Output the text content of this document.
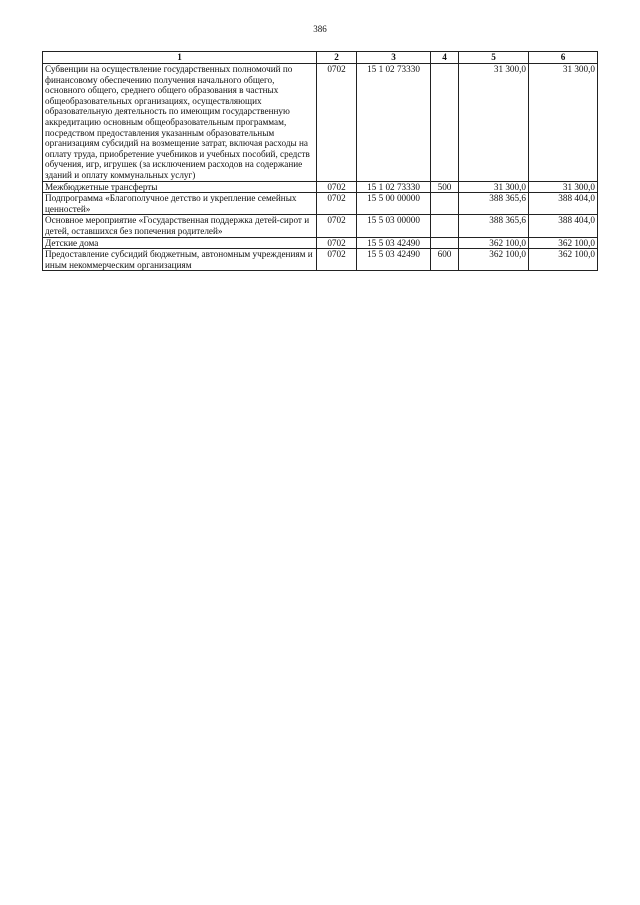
386
1	2	3	4	5	6
Субвенции на осуществление государственных полномочий по финансовому обеспечению получения начального общего, основного общего, среднего общего образования в частных общеобразовательных организациях, осуществляющих образовательную деятельность по имеющим государственную аккредитацию основным общеобразовательным программам, посредством предоставления указанным образовательным организациям субсидий на возмещение затрат, включая расходы на оплату труда, приобретение учебников и учебных пособий, средств обучения, игр, игрушек (за исключением расходов на содержание зданий и оплату коммунальных услуг)	0702	15 1 02 73330		31 300,0	31 300,0
Межбюджетные трансферты	0702	15 1 02 73330	500	31 300,0	31 300,0
Подпрограмма «Благополучное детство и укрепление семейных ценностей»	0702	15 5 00 00000		388 365,6	388 404,0
Основное мероприятие «Государственная поддержка детей-сирот и детей, оставшихся без попечения родителей»	0702	15 5 03 00000		388 365,6	388 404,0
Детские дома	0702	15 5 03 42490		362 100,0	362 100,0
Предоставление субсидий бюджетным, автономным учреждениям и иным некоммерческим организациям	0702	15 5 03 42490	600	362 100,0	362 100,0
